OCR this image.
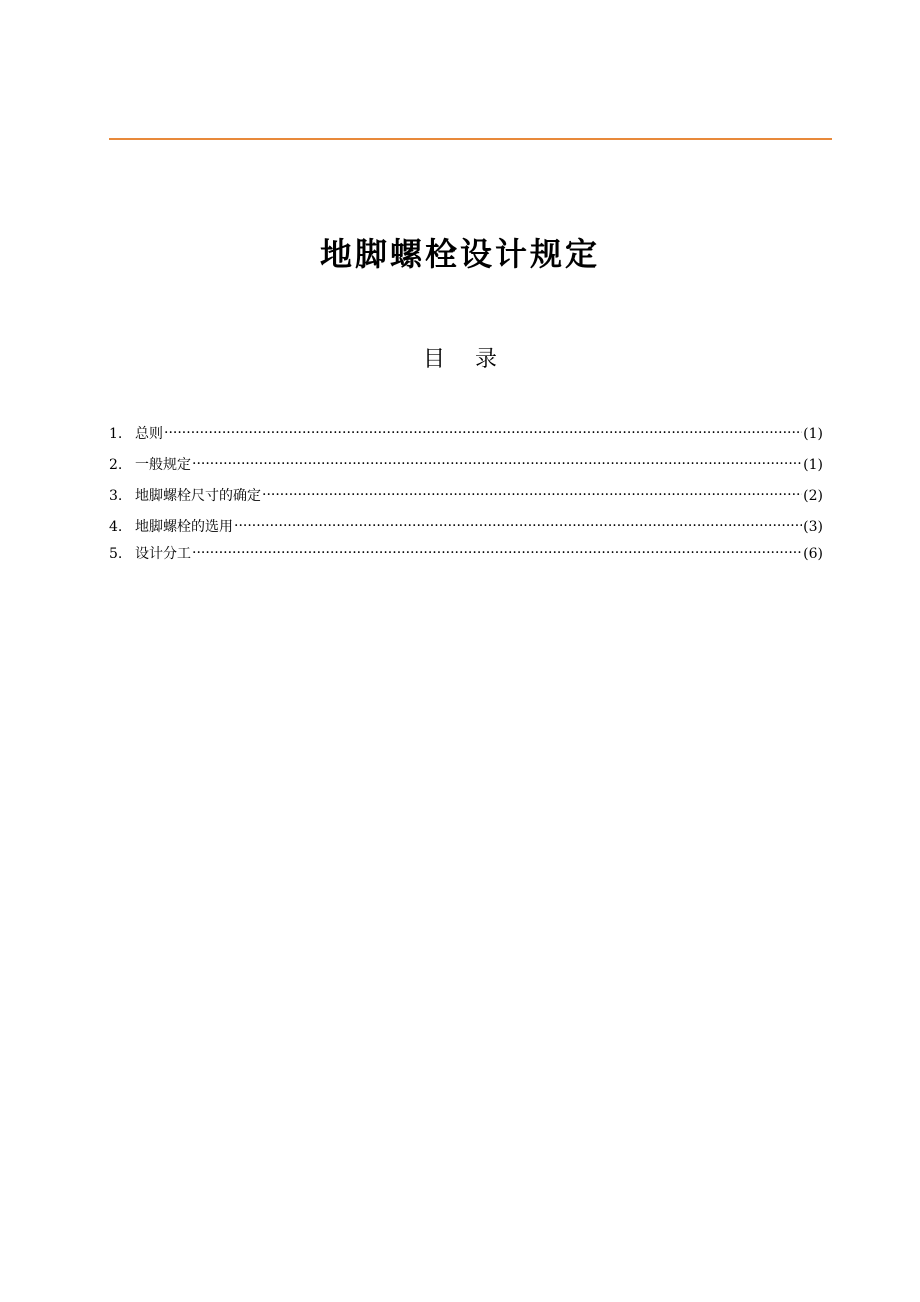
地脚螺栓设计规定
目录
1. 总则 ·····	(1)
2. 一般规定 ·····	(1)
3. 地脚螺栓尺寸的确定 ·····	(2)
4. 地脚螺栓的选用 ·····	(3)
5. 设计分工 ·····	(6)
